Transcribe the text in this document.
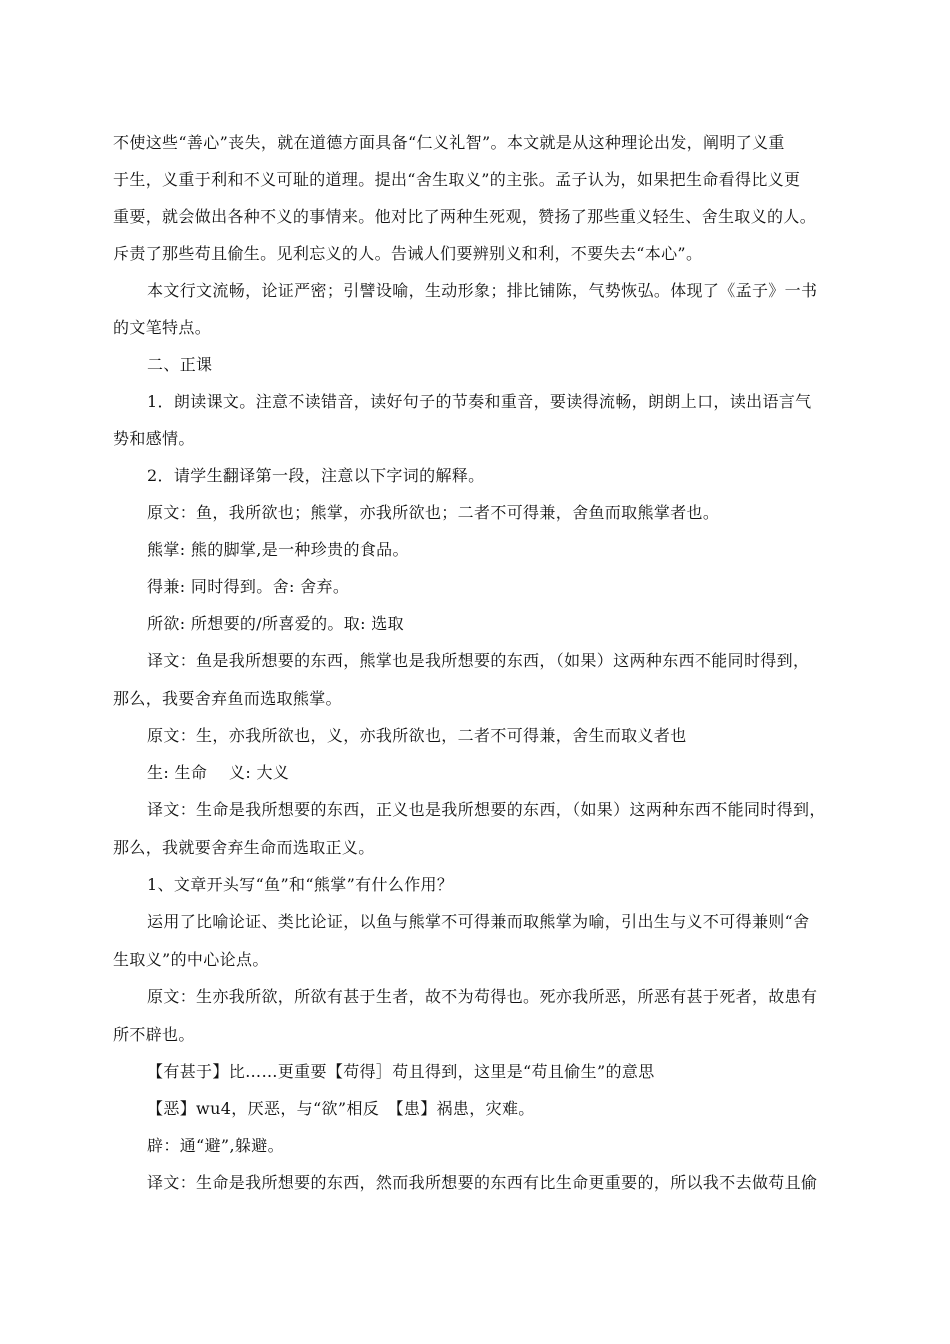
不使这些“善心”丧失，就在道德方面具备“仁义礼智”。本文就是从这种理论出发，阐明了义重
于生，义重于利和不义可耻的道理。提出“舍生取义”的主张。孟子认为，如果把生命看得比义更
重要，就会做出各种不义的事情来。他对比了两种生死观，赞扬了那些重义轻生、舍生取义的人。
斥责了那些苟且偷生。见利忘义的人。告诫人们要辨别义和利，不要失去“本心”。
本文行文流畅，论证严密；引譬设喻，生动形象；排比铺陈，气势恢弘。体现了《孟子》一书
的文笔特点。
二、正课
1．朗读课文。注意不读错音，读好句子的节奏和重音，要读得流畅，朗朗上口，读出语言气
势和感情。
2．请学生翻译第一段，注意以下字词的解释。
原文：鱼，我所欲也；熊掌，亦我所欲也；二者不可得兼，舍鱼而取熊掌者也。
熊掌: 熊的脚掌,是一种珍贵的食品。
得兼: 同时得到。舍: 舍弃。
所欲: 所想要的/所喜爱的。取: 选取
译文：鱼是我所想要的东西，熊掌也是我所想要的东西，（如果）这两种东西不能同时得到，
那么，我要舍弃鱼而选取熊掌。
原文：生，亦我所欲也，义，亦我所欲也，二者不可得兼，舍生而取义者也
生: 生命　 义: 大义
译文：生命是我所想要的东西，正义也是我所想要的东西，（如果）这两种东西不能同时得到，
那么，我就要舍弃生命而选取正义。
1、文章开头写“鱼”和“熊掌”有什么作用？
运用了比喻论证、类比论证，以鱼与熊掌不可得兼而取熊掌为喻，引出生与义不可得兼则“舍
生取义”的中心论点。
原文：生亦我所欲，所欲有甚于生者，故不为苟得也。死亦我所恶，所恶有甚于死者，故患有
所不辟也。
【有甚于】比……更重要【苟得］苟且得到，这里是“苟且偷生”的意思
【恶】wu4，厌恶，与“欲”相反　【患】祸患，灾难。
辟：通“避”,躲避。
译文：生命是我所想要的东西，然而我所想要的东西有比生命更重要的，所以我不去做苟且偷
